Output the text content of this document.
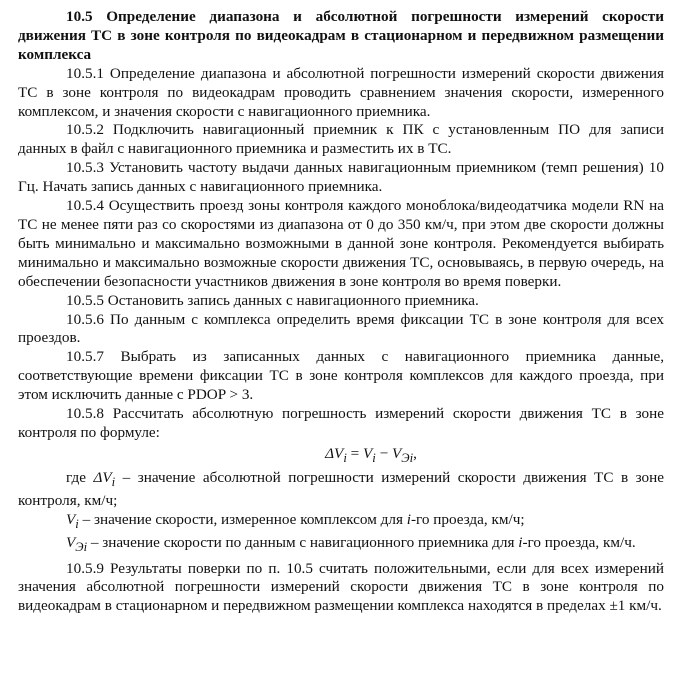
10.5 Определение диапазона и абсолютной погрешности измерений скорости движения ТС в зоне контроля по видеокадрам в стационарном и передвижном размещении комплекса

10.5.1 Определение диапазона и абсолютной погрешности измерений скорости движения ТС в зоне контроля по видеокадрам проводить сравнением значения скорости, измеренного комплексом, и значения скорости с навигационного приемника.

10.5.2 Подключить навигационный приемник к ПК с установленным ПО для записи данных в файл с навигационного приемника и разместить их в ТС.

10.5.3 Установить частоту выдачи данных навигационным приемником (темп решения) 10 Гц. Начать запись данных с навигационного приемника.

10.5.4 Осуществить проезд зоны контроля каждого моноблока/видеодатчика модели RN на ТС не менее пяти раз со скоростями из диапазона от 0 до 350 км/ч, при этом две скорости должны быть минимально и максимально возможными в данной зоне контроля. Рекомендуется выбирать минимально и максимально возможные скорости движения ТС, основываясь, в первую очередь, на обеспечении безопасности участников движения в зоне контроля во время поверки.

10.5.5 Остановить запись данных с навигационного приемника.

10.5.6 По данным с комплекса определить время фиксации ТС в зоне контроля для всех проездов.

10.5.7 Выбрать из записанных данных с навигационного приемника данные, соответствующие времени фиксации ТС в зоне контроля комплексов для каждого проезда, при этом исключить данные с PDOP > 3.

10.5.8 Рассчитать абсолютную погрешность измерений скорости движения ТС в зоне контроля по формуле:

$\Delta V_i = V_i - V_{Эi}$,

где $\Delta V_i$ – значение абсолютной погрешности измерений скорости движения ТС в зоне контроля, км/ч;

$V_i$ – значение скорости, измеренное комплексом для i-го проезда, км/ч;

$V_{Эi}$ – значение скорости по данным с навигационного приемника для i-го проезда, км/ч.

10.5.9 Результаты поверки по п. 10.5 считать положительными, если для всех измерений значения абсолютной погрешности измерений скорости движения ТС в зоне контроля по видеокадрам в стационарном и передвижном размещении комплекса находятся в пределах ±1 км/ч.
